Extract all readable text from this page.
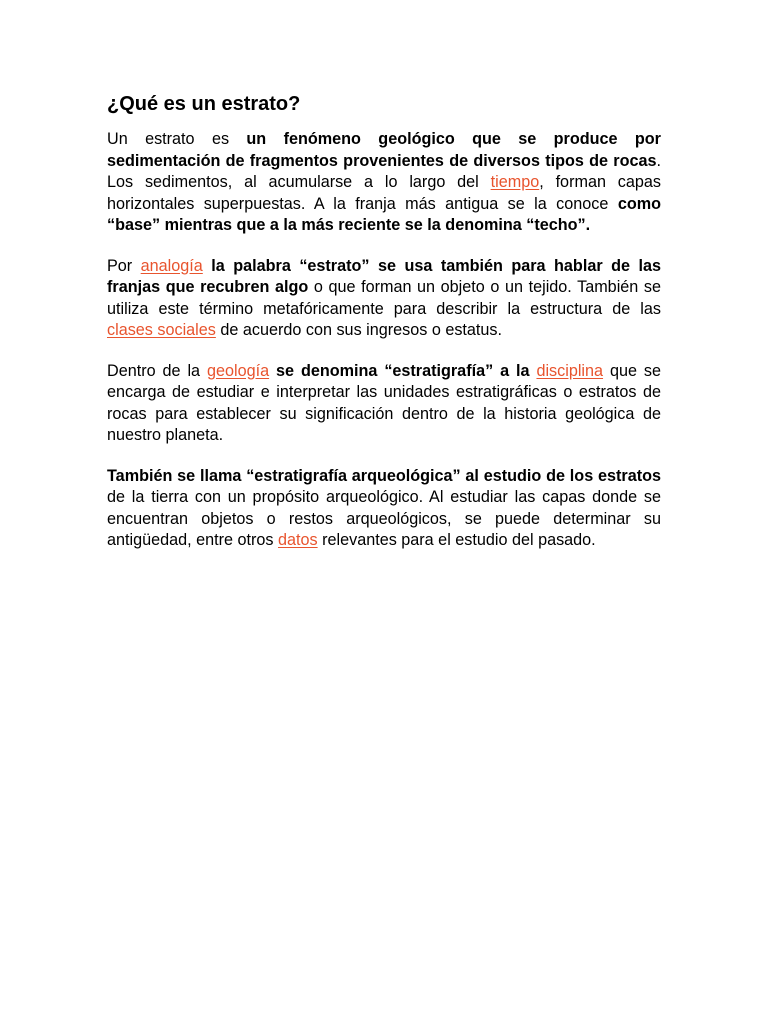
¿Qué es un estrato?

Un estrato es un fenómeno geológico que se produce por sedimentación de fragmentos provenientes de diversos tipos de rocas. Los sedimentos, al acumularse a lo largo del tiempo, forman capas horizontales superpuestas. A la franja más antigua se la conoce como “base” mientras que a la más reciente se la denomina “techo”.

Por analogía la palabra “estrato” se usa también para hablar de las franjas que recubren algo o que forman un objeto o un tejido. También se utiliza este término metafóricamente para describir la estructura de las clases sociales de acuerdo con sus ingresos o estatus.

Dentro de la geología se denomina “estratigrafía” a la disciplina que se encarga de estudiar e interpretar las unidades estratigráficas o estratos de rocas para establecer su significación dentro de la historia geológica de nuestro planeta.

También se llama “estratigrafía arqueológica” al estudio de los estratos de la tierra con un propósito arqueológico. Al estudiar las capas donde se encuentran objetos o restos arqueológicos, se puede determinar su antigüedad, entre otros datos relevantes para el estudio del pasado.
